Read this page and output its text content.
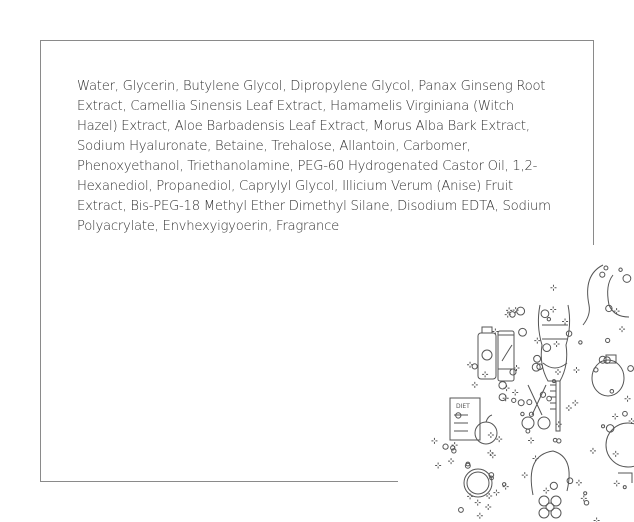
Water, Glycerin, Butylene Glycol, Dipropylene Glycol, Panax Ginseng Root Extract, Camellia Sinensis Leaf Extract, Hamamelis Virginiana (Witch Hazel) Extract, Aloe Barbadensis Leaf Extract, Morus Alba Bark Extract, Sodium Hyaluronate, Betaine, Trehalose, Allantoin, Carbomer, Phenoxyethanol, Triethanolamine, PEG-60 Hydrogenated Castor Oil, 1,2-Hexanediol, Propanediol, Caprylyl Glycol, Illicium Verum (Anise) Fruit Extract, Bis-PEG-18 Methyl Ether Dimethyl Silane, Disodium EDTA, Sodium Polyacrylate, Envhexyigyoerin, Fragrance

DIET
